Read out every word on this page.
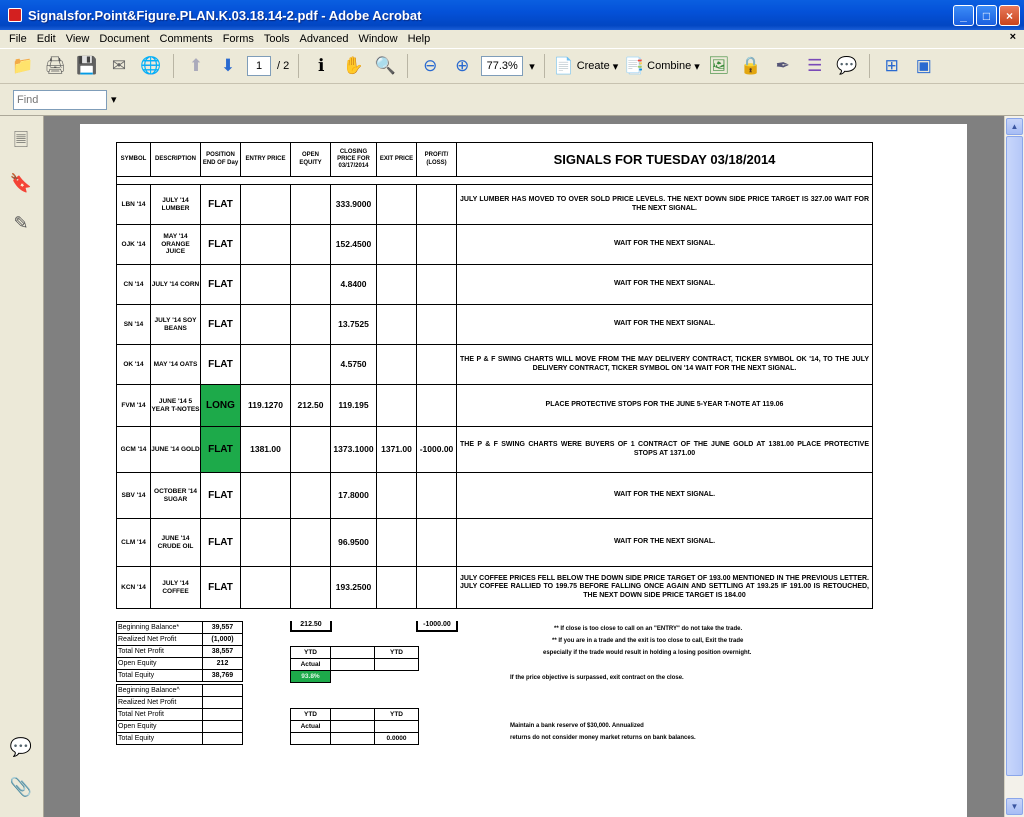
Signalsfor.Point&Figure.PLAN.K.03.18.14-2.pdf - Adobe Acrobat	_	□	×
File Edit View Document Comments Forms Tools Advanced Window Help	×
📁 🖨 💾 ✉ 🌐	⬆	⬇	1	/ 2	ℹ	✋ 🔍	⊖	⊕	77.3%	▾ 📄 Create ▾ 📑 Combine ▾ 🖼 🔒 ✒	☰ 💬	⊞ ▣
Find
▾
🗏
🔖
✎
💬
📎
SYMBOL	DESCRIPTION	POSITION END OF Day	ENTRY PRICE	OPEN EQUITY	CLOSING PRICE FOR 03/17/2014	EXIT PRICE	PROFIT/ (LOSS)	SIGNALS FOR TUESDAY 03/18/2014

LBN '14	JULY '14 LUMBER	FLAT			333.9000			JULY LUMBER HAS MOVED TO OVER SOLD PRICE LEVELS. THE NEXT DOWN SIDE PRICE TARGET IS 327.00 WAIT FOR THE NEXT SIGNAL.
OJK '14	MAY '14 ORANGE JUICE	FLAT			152.4500			WAIT FOR THE NEXT SIGNAL.
CN '14	JULY '14 CORN	FLAT			4.8400			WAIT FOR THE NEXT SIGNAL.
SN '14	JULY '14 SOY BEANS	FLAT			13.7525			WAIT FOR THE NEXT SIGNAL.
OK '14	MAY '14 OATS	FLAT			4.5750			THE P & F SWING CHARTS WILL MOVE FROM THE MAY DELIVERY CONTRACT, TICKER SYMBOL OK '14, TO THE JULY DELIVERY CONTRACT, TICKER SYMBOL ON '14 WAIT FOR THE NEXT SIGNAL.
FVM '14	JUNE '14 5 YEAR T-NOTES	LONG	119.1270	212.50	119.195			PLACE PROTECTIVE STOPS FOR THE JUNE 5-YEAR T-NOTE AT 119.06
GCM '14	JUNE '14 GOLD	FLAT	1381.00		1373.1000	1371.00	-1000.00	THE P & F SWING CHARTS WERE BUYERS OF 1 CONTRACT OF THE JUNE GOLD AT 1381.00 PLACE PROTECTIVE STOPS AT 1371.00
SBV '14	OCTOBER '14 SUGAR	FLAT			17.8000			WAIT FOR THE NEXT SIGNAL.
CLM '14	JUNE '14 CRUDE OIL	FLAT			96.9500			WAIT FOR THE NEXT SIGNAL.
KCN '14	JULY '14 COFFEE	FLAT			193.2500			JULY COFFEE PRICES FELL BELOW THE DOWN SIDE PRICE TARGET OF 193.00 MENTIONED IN THE PREVIOUS LETTER. JULY COFFEE RALLIED TO 199.75 BEFORE FALLING ONCE AGAIN AND SETTLING AT 193.25 IF 191.00 IS RETOUCHED, THE NEXT DOWN SIDE PRICE TARGET IS 184.00
212.50	-1000.00
Beginning Balance*	39,557
Realized Net Profit	(1,000)
Total Net Profit	38,557
Open Equity	212
Total Equity	38,769
Beginning Balance^	
Realized Net Profit	
Total Net Profit	
Open Equity	
Total Equity	
YTD		YTD
Actual		
93.8%		
YTD		YTD
Actual		
		0.0000
** If close is too close to call on an "ENTRY" do not take the trade.
** If you are in a trade and the exit is too close to call, Exit the trade
especially if the trade would result in holding a losing position overnight.
If the price objective is surpassed, exit contract on the close.
Maintain a bank reserve of $30,000. Annualized
returns do not consider money market returns on bank balances.
▲
▼
